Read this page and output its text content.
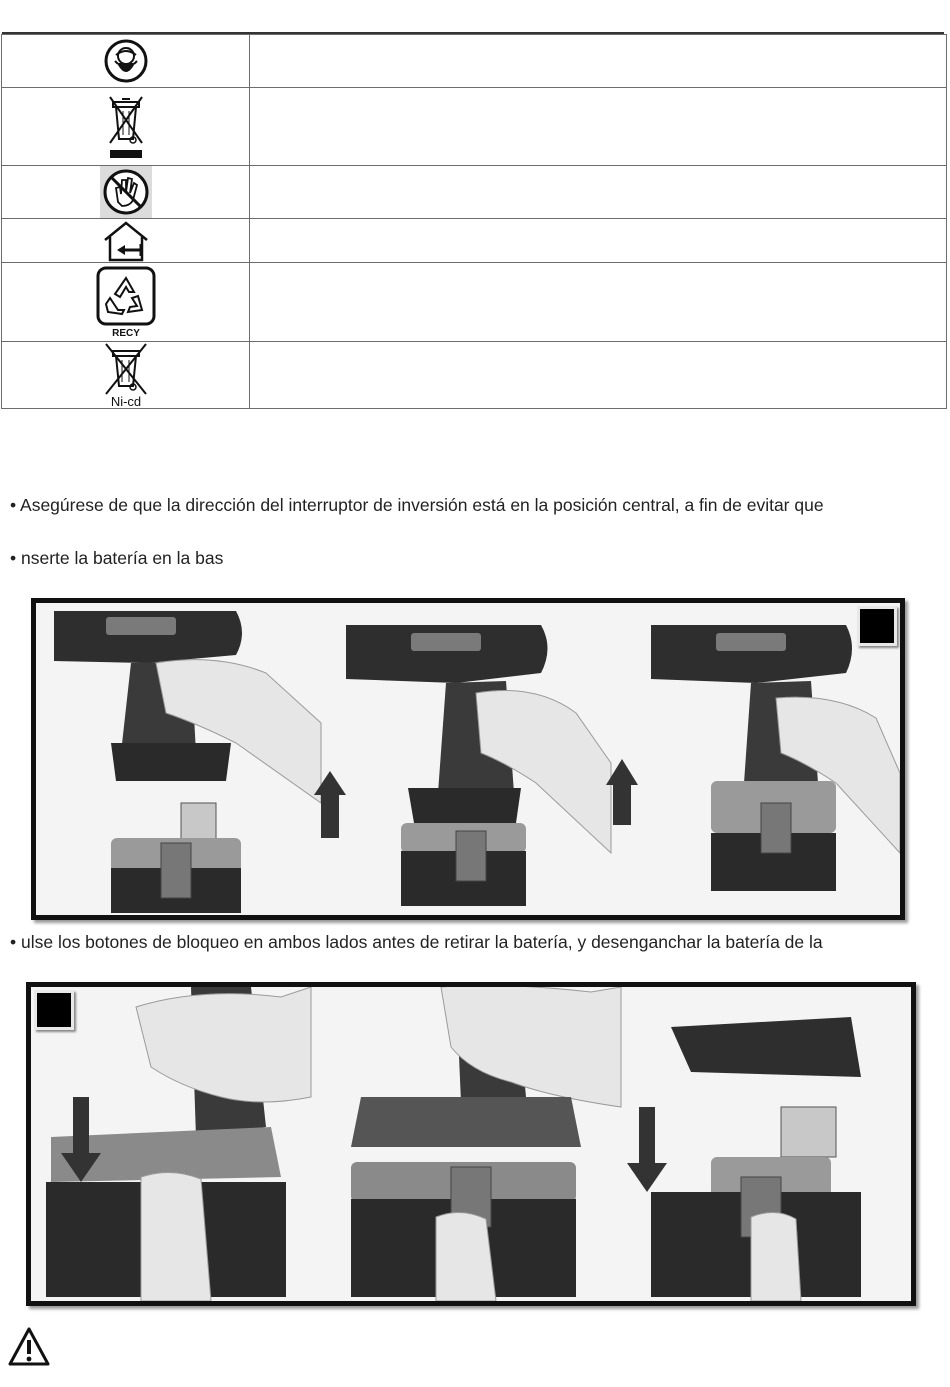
RECY	

Ni-cd	

• Asegúrese de que la dirección del interruptor de inversión está en la posición central, a fin de evitar que
• nserte la batería en la bas
• ulse los botones de bloqueo en ambos lados antes de retirar la batería, y desenganchar la batería de la
